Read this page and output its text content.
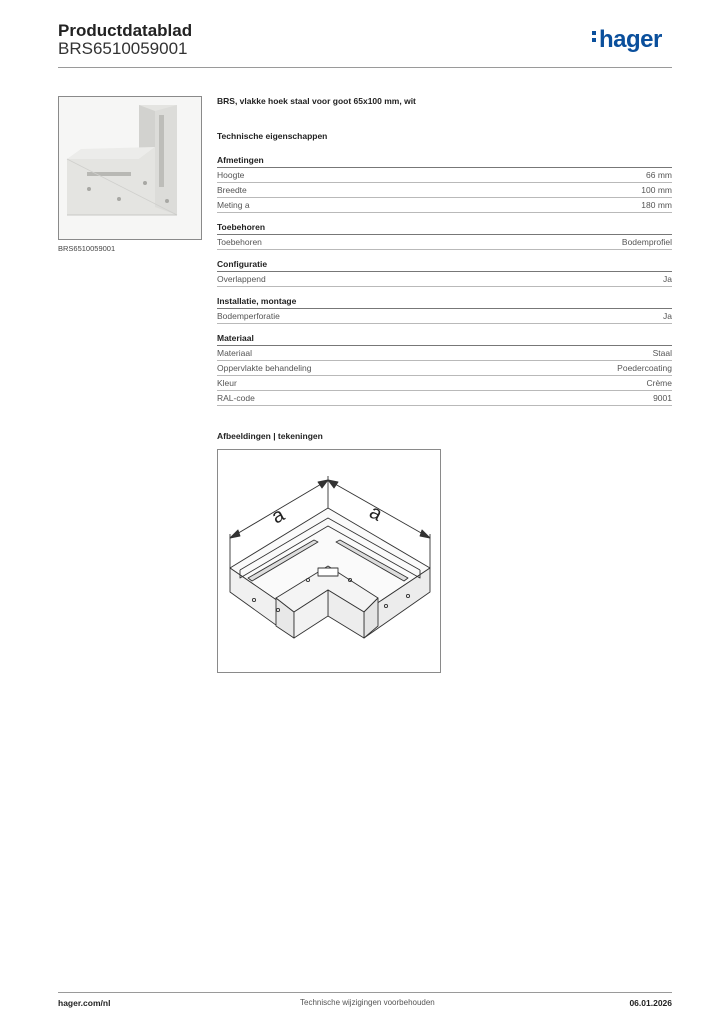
Productdatablad
BRS6510059001	hager
BRS6510059001
BRS, vlakke hoek staal voor goot 65x100 mm, wit
Technische eigenschappen
Afmetingen
Hoogte	66 mm
Breedte	100 mm
Meting a	180 mm
Toebehoren
Toebehoren	Bodemprofiel
Configuratie
Overlappend	Ja
Installatie, montage
Bodemperforatie	Ja
Materiaal
Materiaal	Staal
Oppervlakte behandeling	Poedercoating
Kleur	Crème
RAL-code	9001
Afbeeldingen | tekeningen
a	a
hager.com/nl	Technische wijzigingen voorbehouden	06.01.2026
